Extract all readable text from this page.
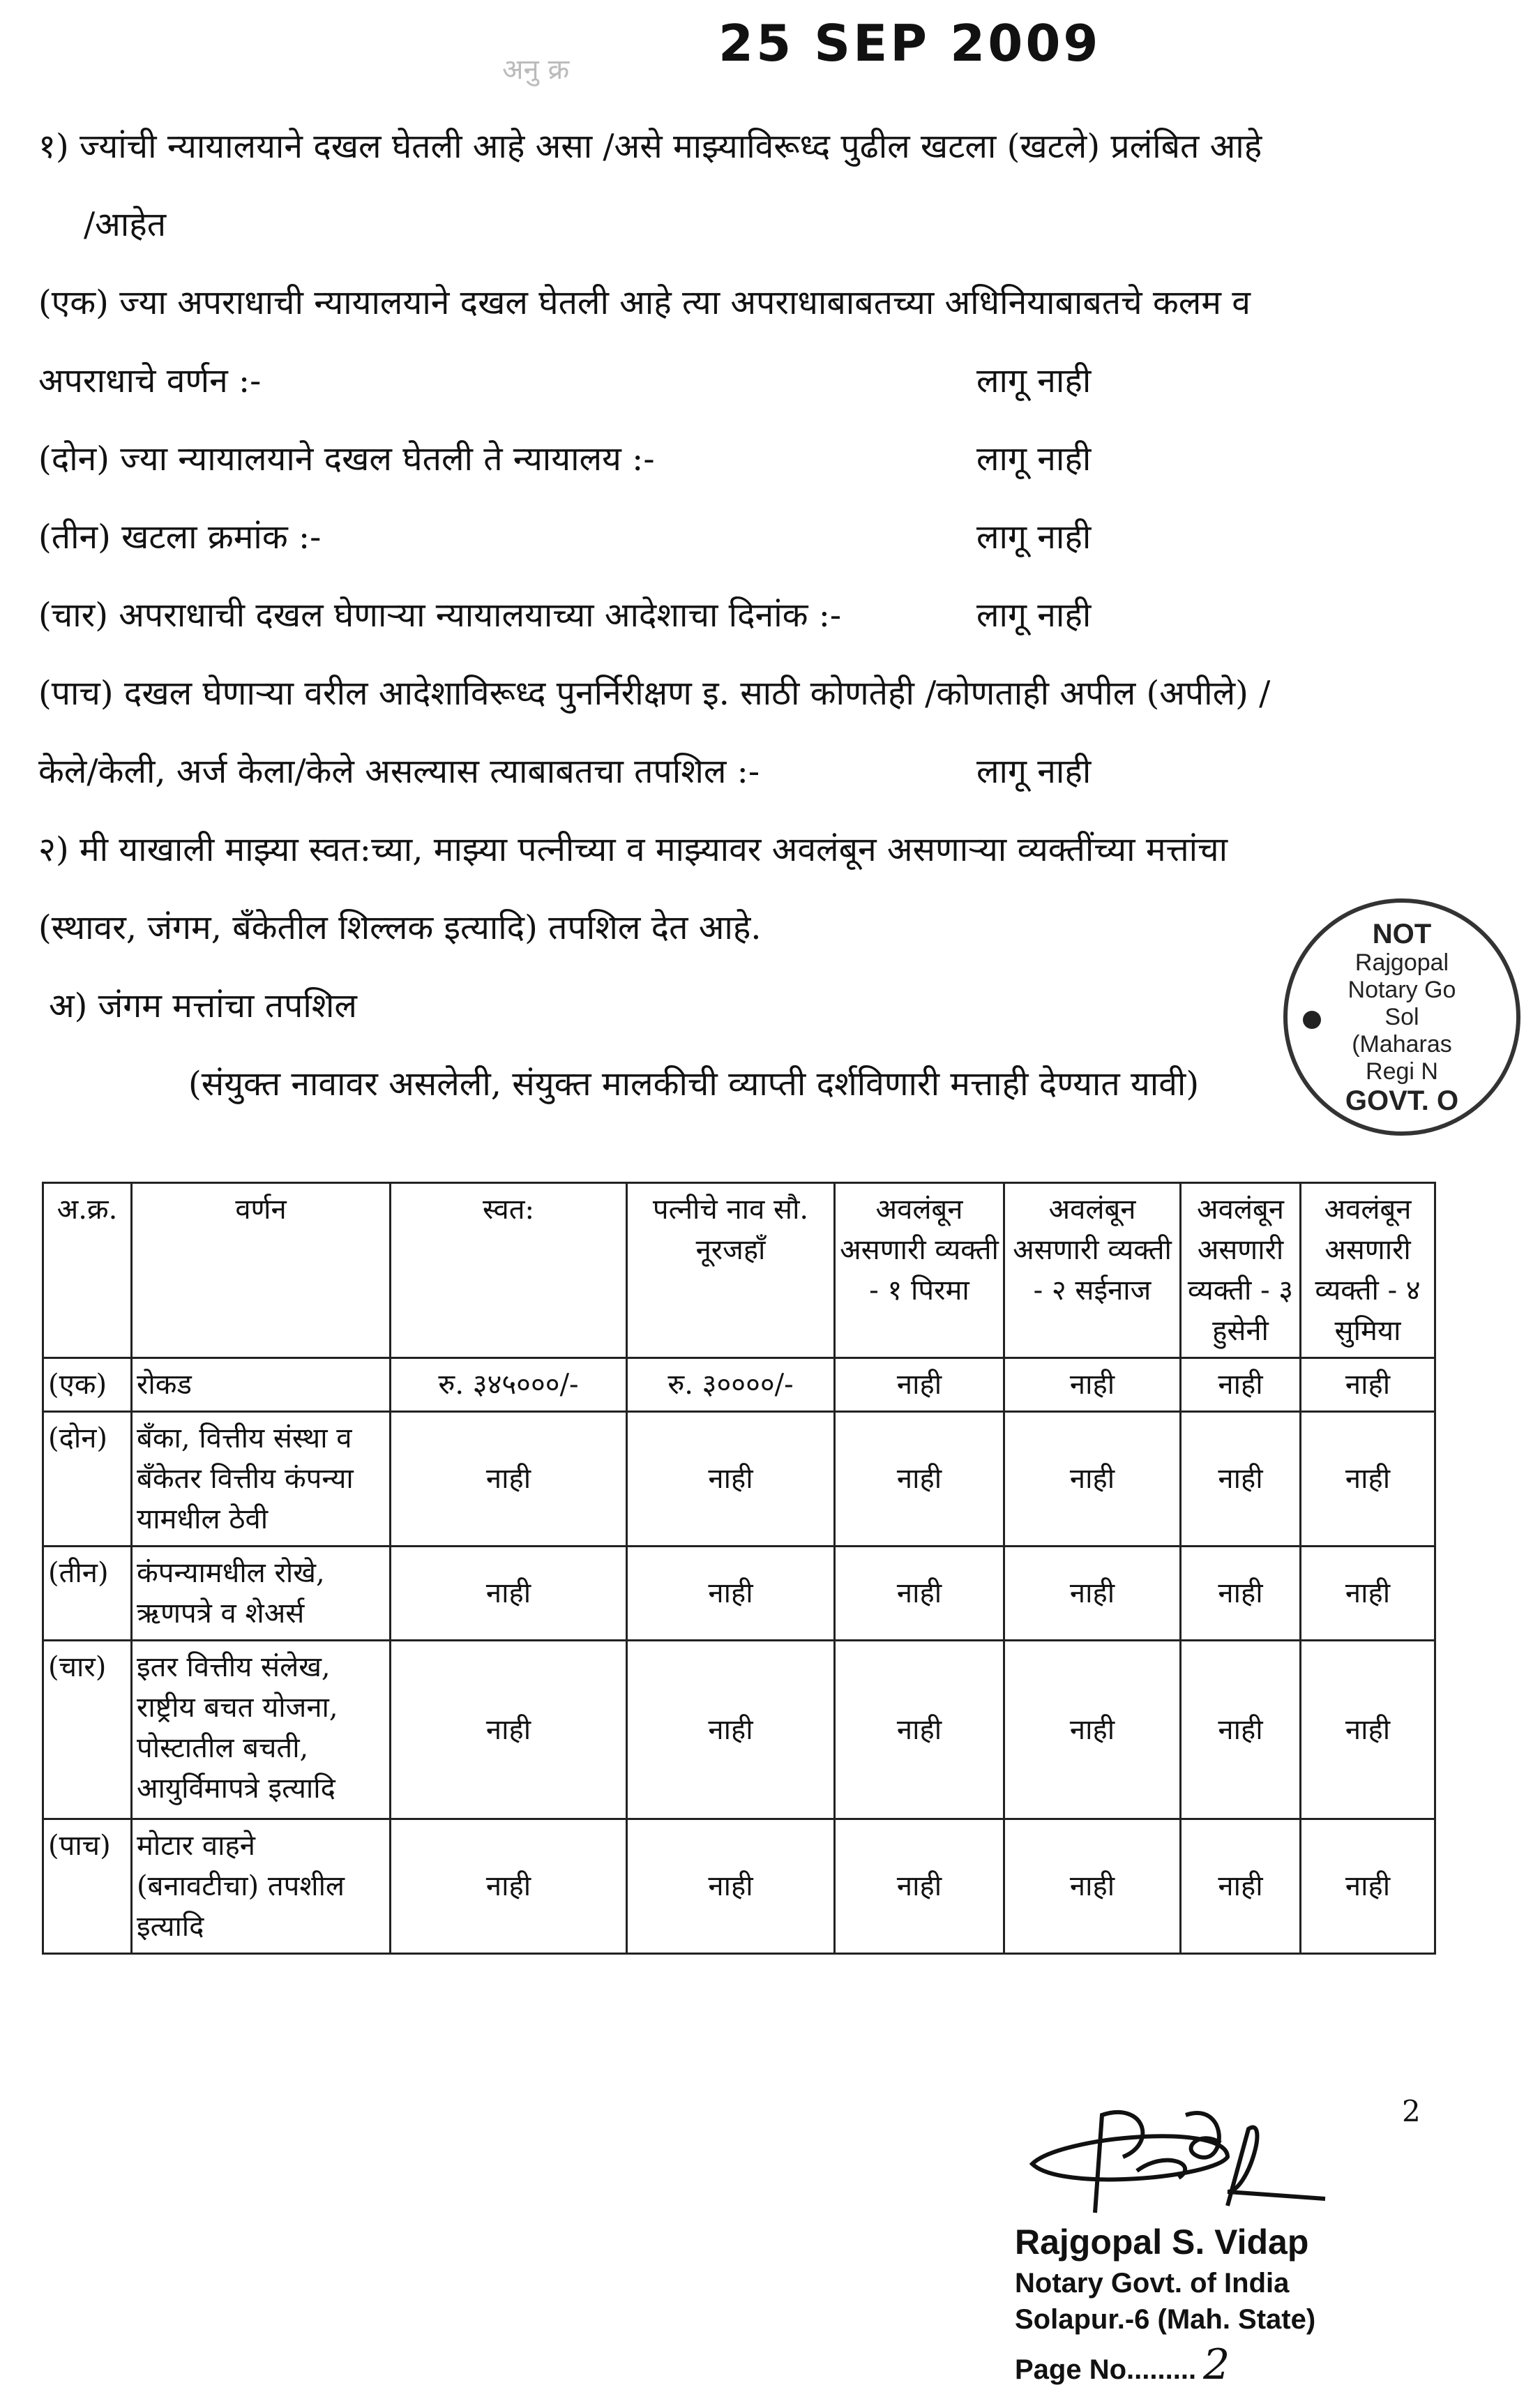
25 SEP 2009
अनु क्र
१) ज्यांची न्यायालयाने दखल घेतली आहे असा /असे माझ्याविरूध्द पुढील खटला (खटले) प्रलंबित आहे
/आहेत
(एक) ज्या अपराधाची न्यायालयाने दखल घेतली आहे त्या अपराधाबाबतच्या अधिनियाबाबतचे कलम व
अपराधाचे वर्णन :-	लागू नाही
(दोन) ज्या न्यायालयाने दखल घेतली ते न्यायालय :-	लागू नाही
(तीन) खटला क्रमांक :-	लागू नाही
(चार) अपराधाची दखल घेणाऱ्या न्यायालयाच्या आदेशाचा दिनांक :-	लागू नाही
(पाच) दखल घेणाऱ्या वरील आदेशाविरूध्द पुनर्निरीक्षण इ. साठी कोणतेही /कोणताही अपील (अपीले) /
केले/केली, अर्ज केला/केले असल्यास त्याबाबतचा तपशिल :-	लागू नाही
२) मी याखाली माझ्या स्वत:च्या, माझ्या पत्नीच्या व माझ्यावर अवलंबून असणाऱ्या व्यक्तींच्या मत्तांचा
(स्थावर, जंगम, बँकेतील शिल्लक इत्यादि) तपशिल देत आहे.
अ) जंगम मत्तांचा तपशिल
(संयुक्त नावावर असलेली, संयुक्त मालकीची व्याप्ती दर्शविणारी मत्ताही देण्यात यावी)
NOT
Rajgopal
Notary Go
Sol
(Maharas
Regi N
GOVT. O
अ.क्र.	वर्णन	स्वत:	पत्नीचे नाव सौ. नूरजहाँ	अवलंबून असणारी व्यक्ती - १ पिरमा	अवलंबून असणारी व्यक्ती - २ सईनाज	अवलंबून असणारी व्यक्ती - ३ हुसेनी	अवलंबून असणारी व्यक्ती - ४ सुमिया
(एक)	रोकड	रु. ३४५०००/-	रु. ३००००/-	नाही	नाही	नाही	नाही
(दोन)	बँका, वित्तीय संस्था व बँकेतर वित्तीय कंपन्या यामधील ठेवी	नाही	नाही	नाही	नाही	नाही	नाही
(तीन)	कंपन्यामधील रोखे, ऋणपत्रे व शेअर्स	नाही	नाही	नाही	नाही	नाही	नाही
(चार)	इतर वित्तीय संलेख, राष्ट्रीय बचत योजना, पोस्टातील बचती, आयुर्विमापत्रे इत्यादि	नाही	नाही	नाही	नाही	नाही	नाही
(पाच)	मोटार वाहने (बनावटीचा) तपशील इत्यादि	नाही	नाही	नाही	नाही	नाही	नाही
2
Rajgopal S. Vidap
Notary Govt. of India
Solapur.-6 (Mah. State)
Page No......... 2
